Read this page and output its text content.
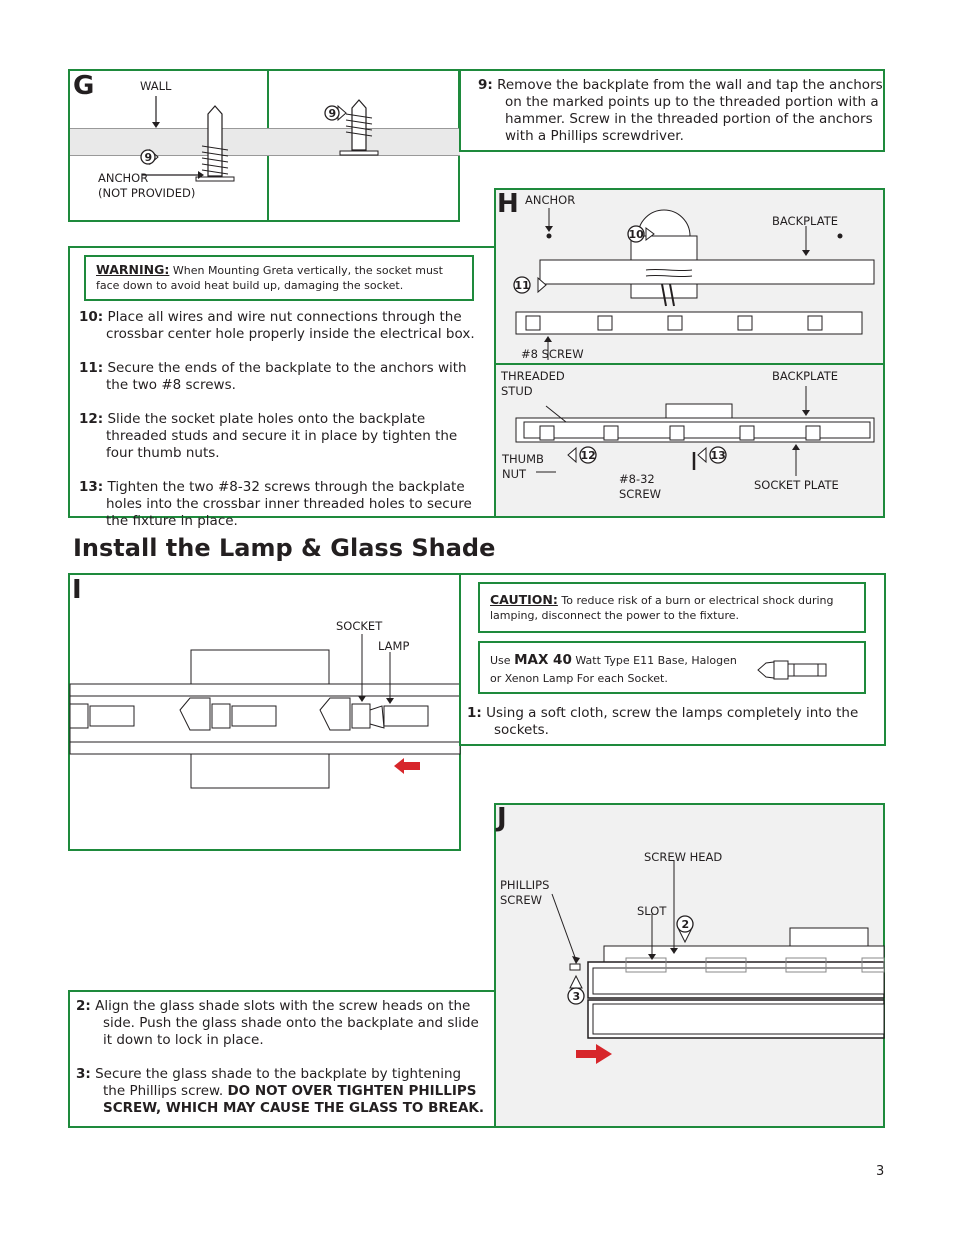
G	WALL
ANCHOR
(NOT PROVIDED)
9
9
9: Remove the backplate from the wall and tap the anchors on the marked points up to the threaded portion with a hammer. Screw in the threaded portion of the anchors with a Phillips screwdriver.
WARNING: When Mounting Greta vertically, the socket must face down to avoid heat build up, damaging the socket.
10: Place all wires and wire nut connections through the crossbar center hole properly inside the electrical box.
11: Secure the ends of the backplate to the anchors with the two #8 screws.
12: Slide the socket plate holes onto the backplate threaded studs and secure it in place by tighten the four thumb nuts.
13: Tighten the two #8-32 screws through the backplate holes into the crossbar inner threaded holes to secure the fixture in place.
H ANCHOR
BACKPLATE
#8 SCREW
THREADED
STUD
BACKPLATE
THUMB
NUT	#8-32
SCREW
SOCKET PLATE
11
10
12	13
Install the Lamp & Glass Shade
I
SOCKET
LAMP
CAUTION: To reduce risk of a burn or electrical shock during lamping, disconnect the power to the fixture.
Use MAX 40 Watt Type E11 Base, Halogen
or Xenon Lamp For each Socket.
1: Using a soft cloth, screw the lamps completely into the sockets.
J
SCREW HEAD
PHILLIPS
SCREW
SLOT
2
3
2: Align the glass shade slots with the screw heads on the side. Push the glass shade onto the backplate and slide it down to lock in place.
3: Secure the glass shade to the backplate by tightening the Phillips screw. DO NOT OVER TIGHTEN PHILLIPS SCREW, WHICH MAY CAUSE THE GLASS TO BREAK.
3
